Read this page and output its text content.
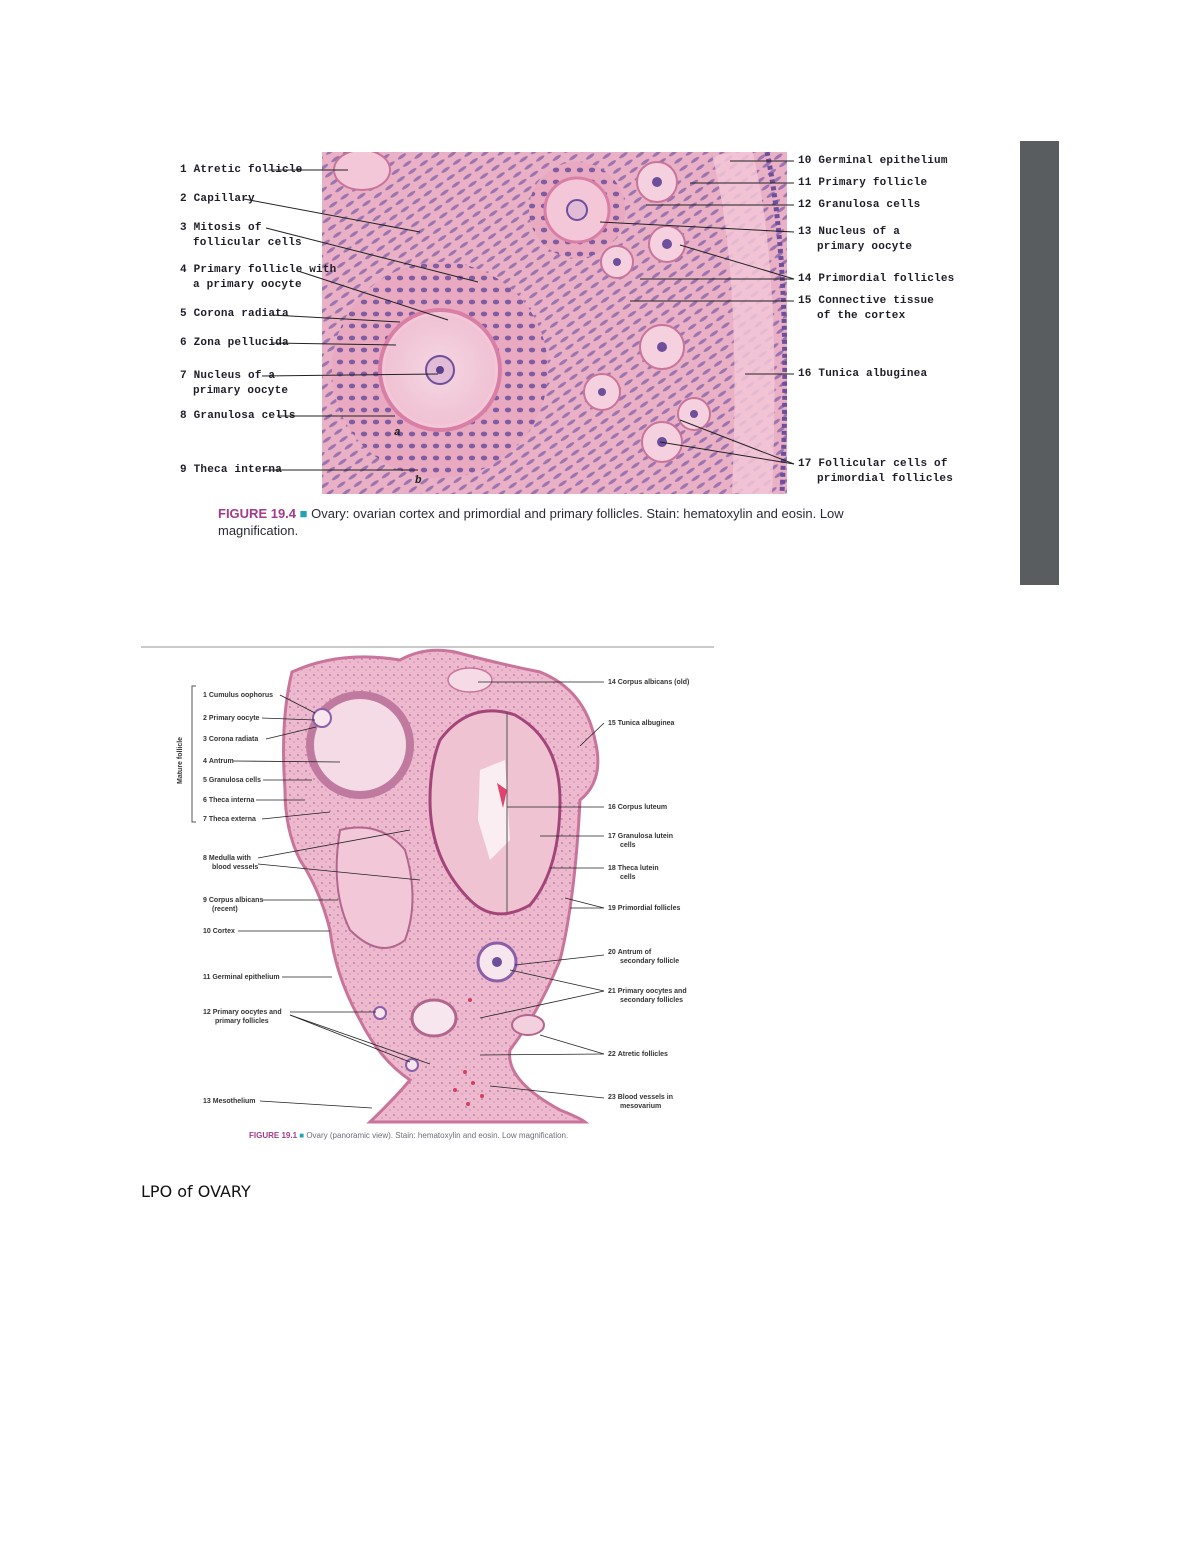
1 Atretic follicle
2 Capillary
3 Mitosis of
follicular cells
4 Primary follicle with
a primary oocyte
5 Corona radiata
6 Zona pellucida
7 Nucleus of a
primary oocyte
8 Granulosa cells
9 Theca interna
a
b
10 Germinal epithelium
11 Primary follicle
12 Granulosa cells
13 Nucleus of a
primary oocyte
14 Primordial follicles
15 Connective tissue
of the cortex
16 Tunica albuginea
17 Follicular cells of
primordial follicles
FIGURE 19.4 ■ Ovary: ovarian cortex and primordial and primary follicles. Stain: hematoxylin and eosin. Low magnification.
Mature follicle
1 Cumulus oophorus
2 Primary oocyte
3 Corona radiata
4 Antrum
5 Granulosa cells
6 Theca interna
7 Theca externa
8 Medulla with
blood vessels
9 Corpus albicans
(recent)
10 Cortex
11 Germinal epithelium
12 Primary oocytes and
primary follicles
13 Mesothelium
14 Corpus albicans (old)
15 Tunica albuginea
16 Corpus luteum
17 Granulosa lutein
cells
18 Theca lutein
cells
19 Primordial follicles
20 Antrum of
secondary follicle
21 Primary oocytes and
secondary follicles
22 Atretic follicles
23 Blood vessels in
mesovarium
FIGURE 19.1 ■ Ovary (panoramic view). Stain: hematoxylin and eosin. Low magnification.
LPO of OVARY
